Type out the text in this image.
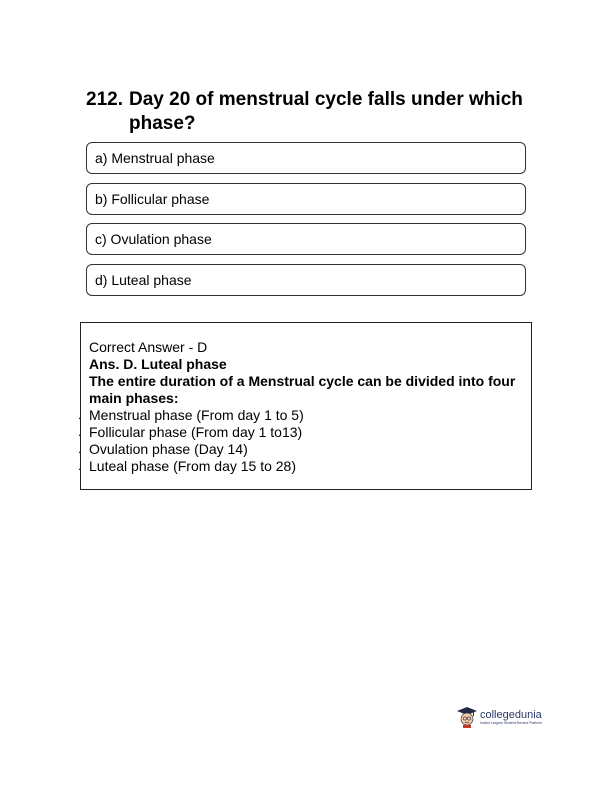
212. Day 20 of menstrual cycle falls under which phase?
a) Menstrual phase
b) Follicular phase
c) Ovulation phase
d) Luteal phase
Correct Answer - D
Ans. D. Luteal phase
The entire duration of a Menstrual cycle can be divided into four main phases:
. Menstrual phase (From day 1 to 5)
. Follicular phase (From day 1 to13)
. Ovulation phase (Day 14)
. Luteal phase (From day 15 to 28)
collegedunia
India's Largest Student Review Platform
